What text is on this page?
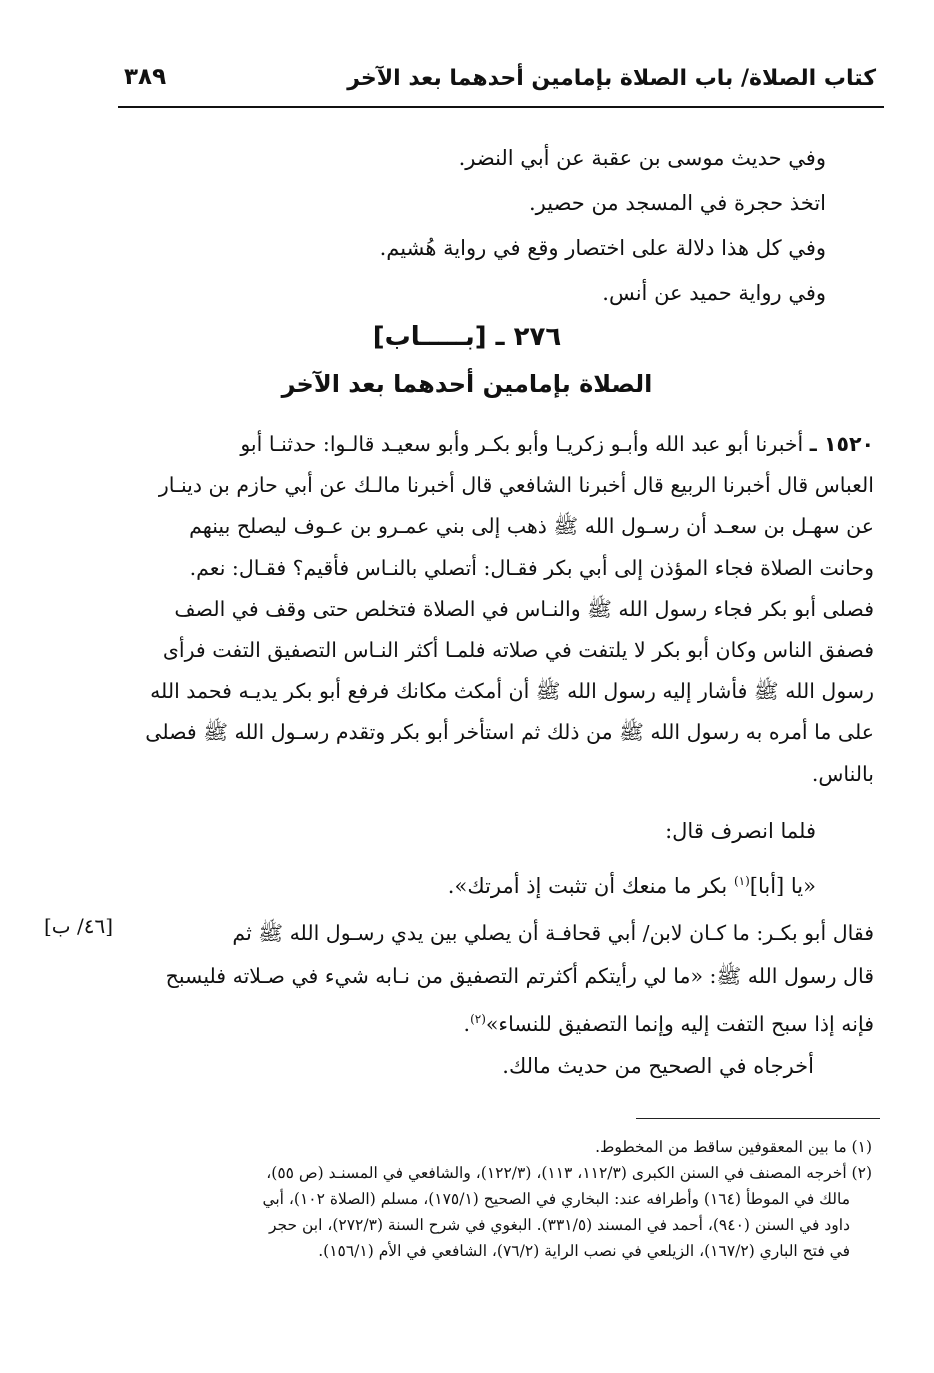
كتاب الصلاة/ باب الصلاة بإمامين أحدهما بعد الآخر
٣٨٩

وفي حديث موسى بن عقبة عن أبي النضر.

اتخذ حجرة في المسجد من حصير.

وفي كل هذا دلالة على اختصار وقع في رواية هُشيم.

وفي رواية حميد عن أنس.

٢٧٦ ـ [بـــــاب]
الصلاة بإمامين أحدهما بعد الآخر
١٥٢٠ ـ أخبرنا أبو عبد الله وأبـو زكريـا وأبو بكـر وأبو سعيـد قالـوا: حدثنـا أبو
العباس قال أخبرنا الربيع قال أخبرنا الشافعي قال أخبرنا مالـك عن أبي حازم بن دينـار
عن سهـل بن سعـد أن رسـول الله ﷺ ذهب إلى بني عمـرو بن عـوف ليصلح بينهم
وحانت الصلاة فجاء المؤذن إلى أبي بكر فقـال: أتصلي بالنـاس فأقيم؟ فقـال: نعم.
فصلى أبو بكر فجاء رسول الله ﷺ والنـاس في الصلاة فتخلص حتى وقف في الصف
فصفق الناس وكان أبو بكر لا يلتفت في صلاته فلمـا أكثر النـاس التصفيق التفت فرأى
رسول الله ﷺ فأشار إليه رسول الله ﷺ أن أمكث مكانك فرفع أبو بكر يديـه فحمد الله
على ما أمره به رسول الله ﷺ من ذلك ثم استأخر أبو بكر وتقدم رسـول الله ﷺ فصلى
بالناس.

فلما انصرف قال:

«يا [أبا]$^{(١)}$ بكر ما منعك أن تثبت إذ أمرتك».

[٤٦/ ب]	فقال أبو بكـر: ما كـان لابن/ أبي قحافـة أن يصلي بين يدي رسـول الله ﷺ ثم
قال رسول الله ﷺ: «ما لي رأيتكم أكثرتم التصفيق من نـابه شيء في صـلاته فليسبح
فإنه إذا سبح التفت إليه وإنما التصفيق للنساء»$^{(٢)}$.
أخرجاه في الصحيح من حديث مالك.
(١) ما بين المعقوفين ساقط من المخطوط.
(٢) أخرجه المصنف في السنن الكبرى (١١٢/٣، ١١٣)، (١٢٢/٣)، والشافعي في المسنـد (ص ٥٥)،
مالك في الموطأ (١٦٤) وأطرافه عند: البخاري في الصحيح (١٧٥/١)، مسلم (الصلاة ١٠٢)، أبي
داود في السنن (٩٤٠)، أحمد في المسند (٣٣١/٥). البغوي في شرح السنة (٢٧٢/٣)، ابن حجر
في فتح الباري (١٦٧/٢)، الزيلعي في نصب الراية (٧٦/٢)، الشافعي في الأم (١٥٦/١).
